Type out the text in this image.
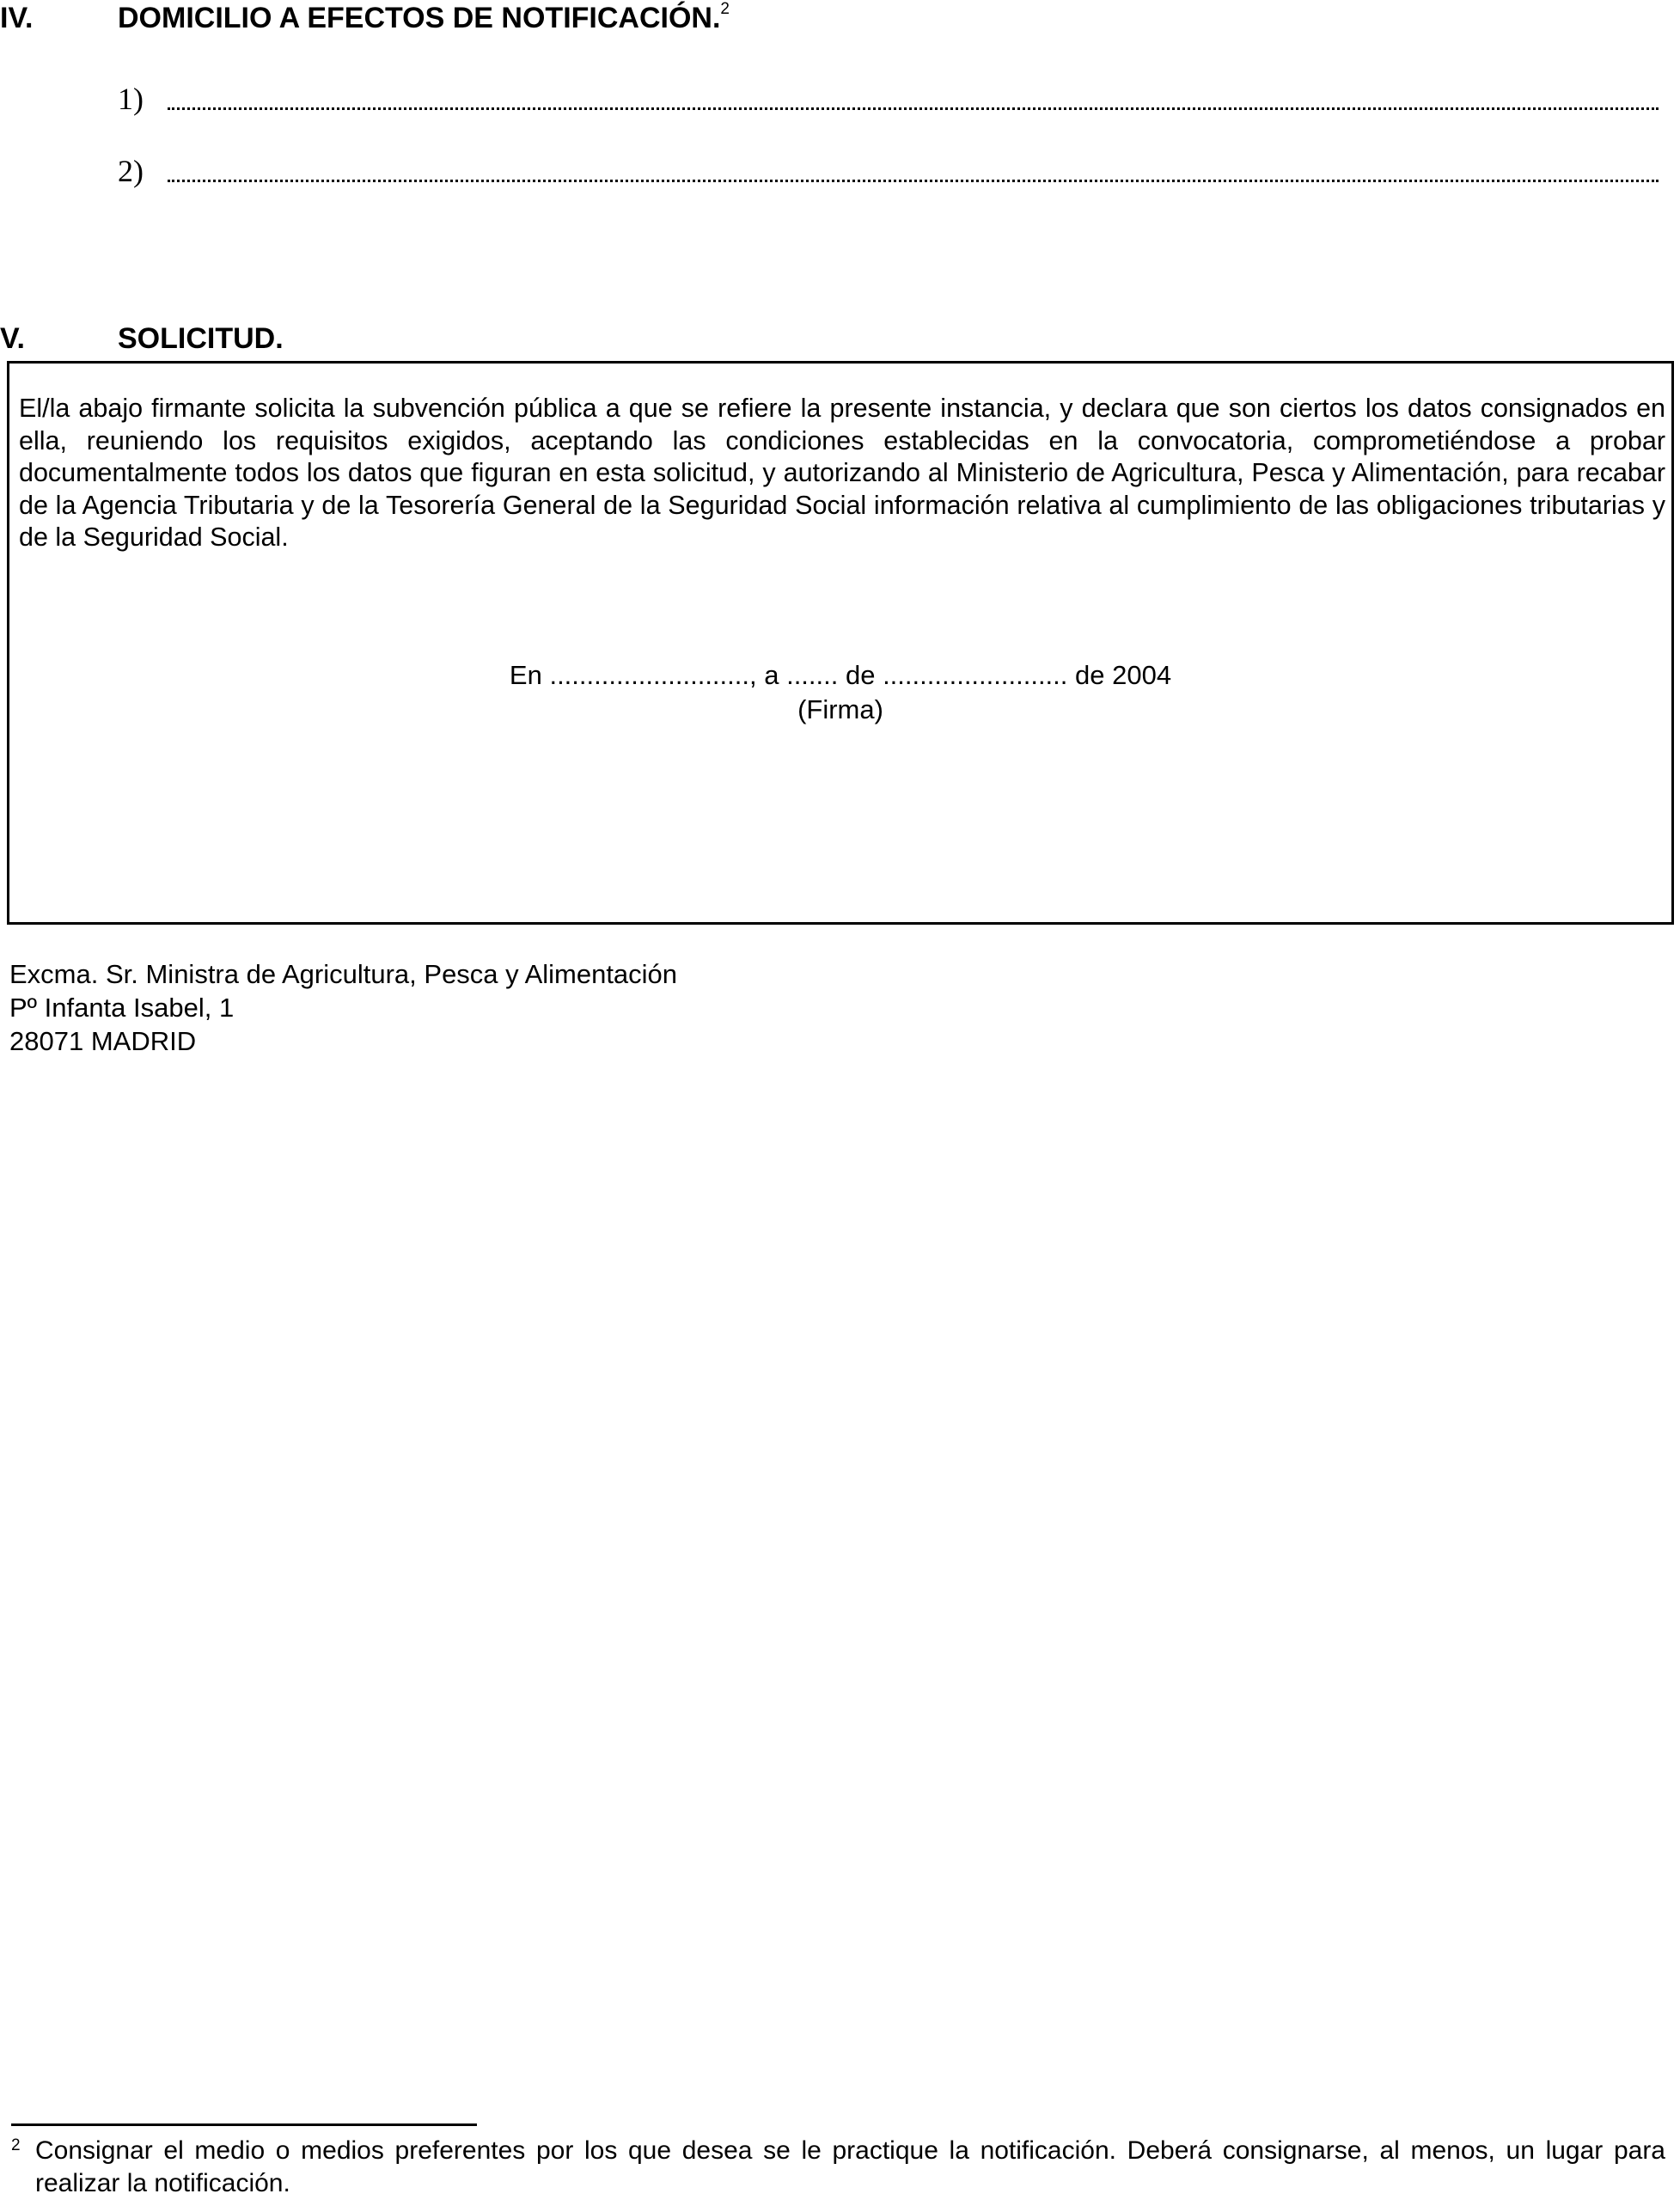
IV.	DOMICILIO A EFECTOS DE NOTIFICACIÓN.$^2$
1)
2)
V.	SOLICITUD.
El/la abajo firmante solicita la subvención pública a que se refiere la presente instancia, y declara que son ciertos los datos consignados en ella, reuniendo los requisitos exigidos, aceptando las condiciones establecidas en la convocatoria, comprometiéndose a probar documentalmente todos los datos que figuran en esta solicitud, y autorizando al Ministerio de Agricultura, Pesca y Alimentación, para recabar de la Agencia Tributaria y de la Tesorería General de la Seguridad Social información relativa al cumplimiento de las obligaciones tributarias y de la Seguridad Social.
En ..........................., a ....... de ......................... de 2004
(Firma)
Excma. Sr. Ministra de Agricultura, Pesca y Alimentación
Pº Infanta Isabel, 1
28071 MADRID
2 Consignar el medio o medios preferentes por los que desea se le practique la notificación. Deberá consignarse, al menos, un lugar para realizar la notificación.
